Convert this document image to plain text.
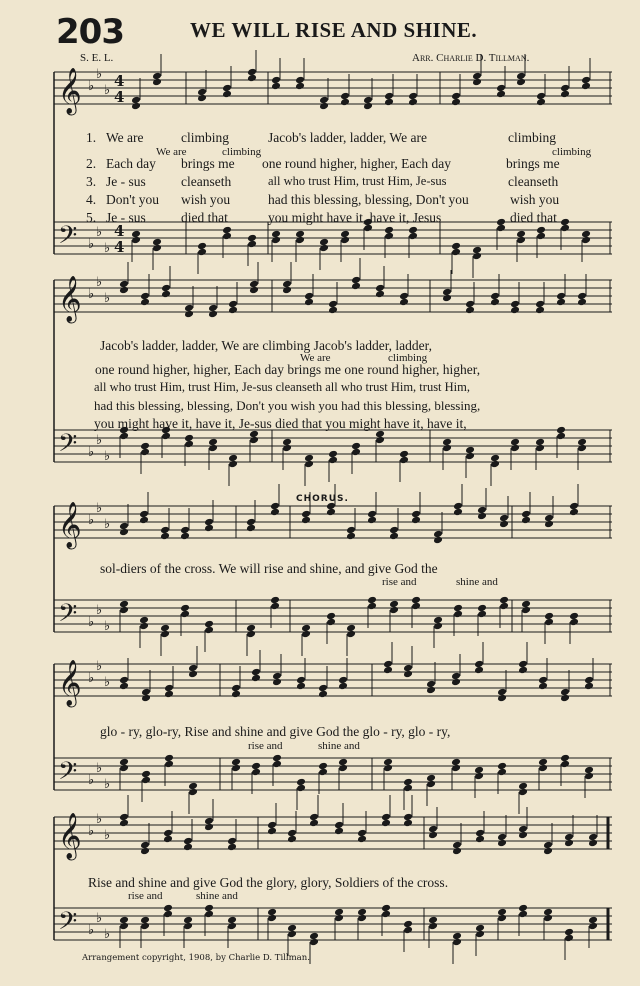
203	WE WILL RISE AND SHINE.
S. E. L.	Arr. Charlie D. Tillman.
𝄞 ♭
♭
♭
4
4
𝄢 ♭
♭
♭
4
4
𝄞 ♭
♭
♭
𝄢 ♭
♭
♭
𝄞 ♭
♭
♭
𝄢 ♭
♭
♭
𝄞 ♭
♭
♭
𝄢 ♭
♭
♭
𝄞 ♭
♭
♭
𝄢 ♭
♭
♭
1. We are	climbing	Jacob's ladder, ladder, We are	climbing
We are	climbing	climbing
2. Each day brings me one round higher, higher, Each day	brings me
3. Je - sus	cleanseth	all who trust Him, trust Him, Je-sus	cleanseth
4. Don't you wish you	had this blessing, blessing, Don't you	wish you
5. Je - sus	died that	you might have it, have it, Jesus	died that
Jacob's ladder, ladder, We are climbing Jacob's ladder, ladder,
We are	climbing
one round higher, higher, Each day brings me one round higher, higher,
all who trust Him, trust Him, Je-sus cleanseth all who trust Him, trust Him,
had this blessing, blessing, Don't you wish you had this blessing, blessing,
you might have it, have it, Je-sus died that you might have it, have it,
CHORUS.
sol-diers of the cross. We will rise and shine, and give God the
rise and	shine and
glo - ry, glo-ry, Rise and shine and give God the glo - ry, glo - ry,
rise and	shine and
Rise and shine and give God the glory, glory, Soldiers of the cross.
rise and	shine and
Arrangement copyright, 1908, by Charlie D. Tillman.
